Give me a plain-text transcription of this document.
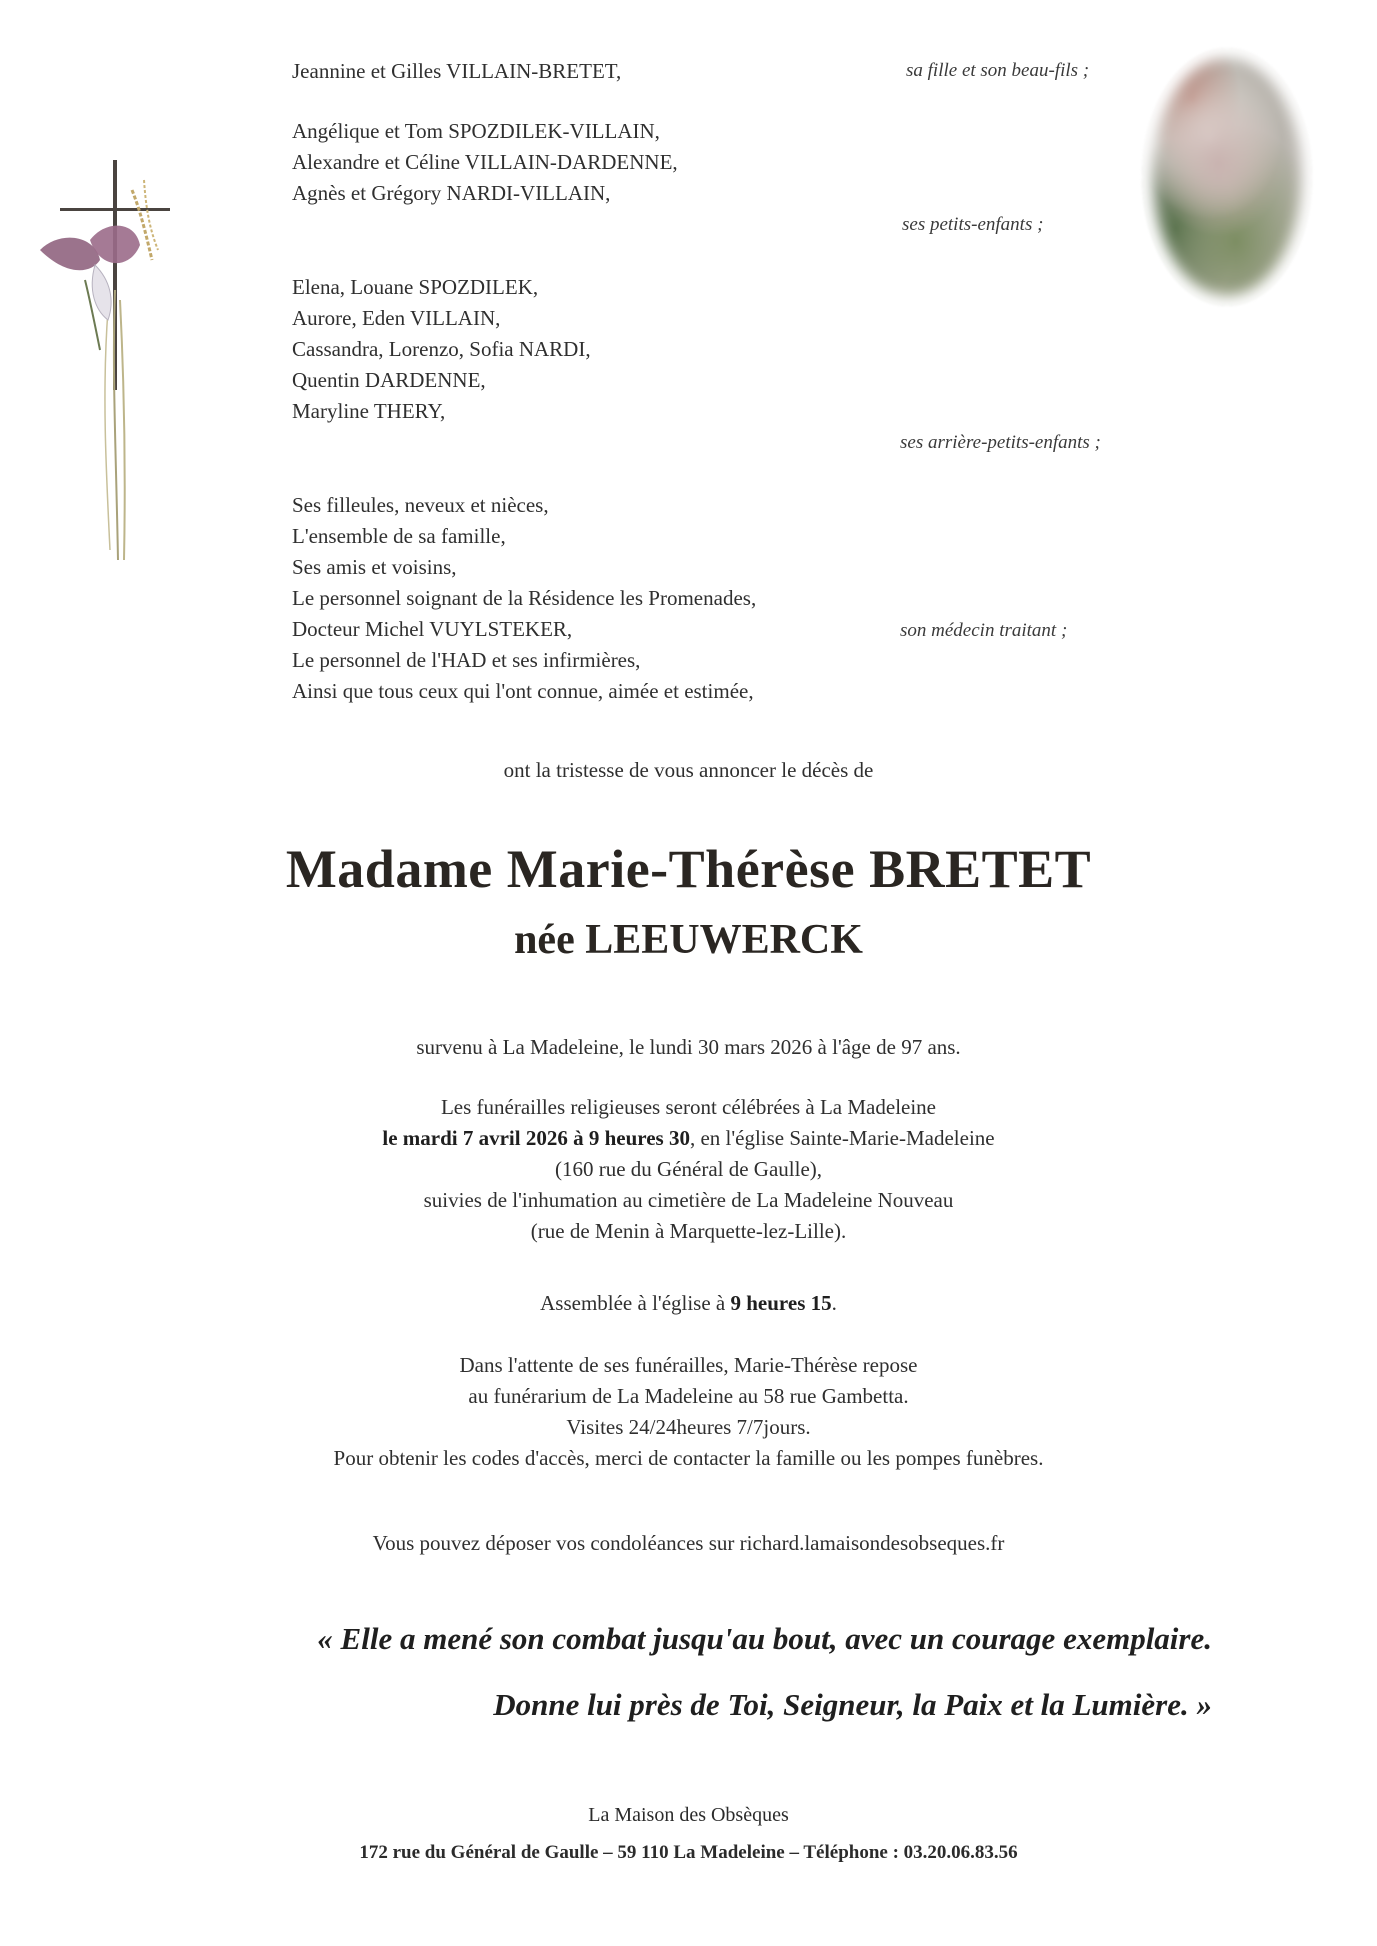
Jeannine et Gilles VILLAIN-BRETET,	sa fille et son beau-fils ;
Angélique et Tom SPOZDILEK-VILLAIN,
Alexandre et Céline VILLAIN-DARDENNE,
Agnès et Grégory NARDI-VILLAIN,
ses petits-enfants ;
Elena, Louane SPOZDILEK,
Aurore, Eden VILLAIN,
Cassandra, Lorenzo, Sofia NARDI,
Quentin DARDENNE,
Maryline THERY,
ses arrière-petits-enfants ;
Ses filleules, neveux et nièces,
L'ensemble de sa famille,
Ses amis et voisins,
Le personnel soignant de la Résidence les Promenades,
Docteur Michel VUYLSTEKER,
Le personnel de l'HAD et ses infirmières,
Ainsi que tous ceux qui l'ont connue, aimée et estimée,
son médecin traitant ;
ont la tristesse de vous annoncer le décès de
Madame Marie-Thérèse BRETET
née LEEUWERCK
survenu à La Madeleine, le lundi 30 mars 2026 à l'âge de 97 ans.
Les funérailles religieuses seront célébrées à La Madeleine
le mardi 7 avril 2026 à 9 heures 30, en l'église Sainte-Marie-Madeleine
(160 rue du Général de Gaulle),
suivies de l'inhumation au cimetière de La Madeleine Nouveau
(rue de Menin à Marquette-lez-Lille).
Assemblée à l'église à 9 heures 15.
Dans l'attente de ses funérailles, Marie-Thérèse repose
au funérarium de La Madeleine au 58 rue Gambetta.
Visites 24/24heures 7/7jours.
Pour obtenir les codes d'accès, merci de contacter la famille ou les pompes funèbres.
Vous pouvez déposer vos condoléances sur richard.lamaisondesobseques.fr
« Elle a mené son combat jusqu'au bout, avec un courage exemplaire.
Donne lui près de Toi, Seigneur, la Paix et la Lumière. »
La Maison des Obsèques
172 rue du Général de Gaulle – 59 110 La Madeleine – Téléphone : 03.20.06.83.56
